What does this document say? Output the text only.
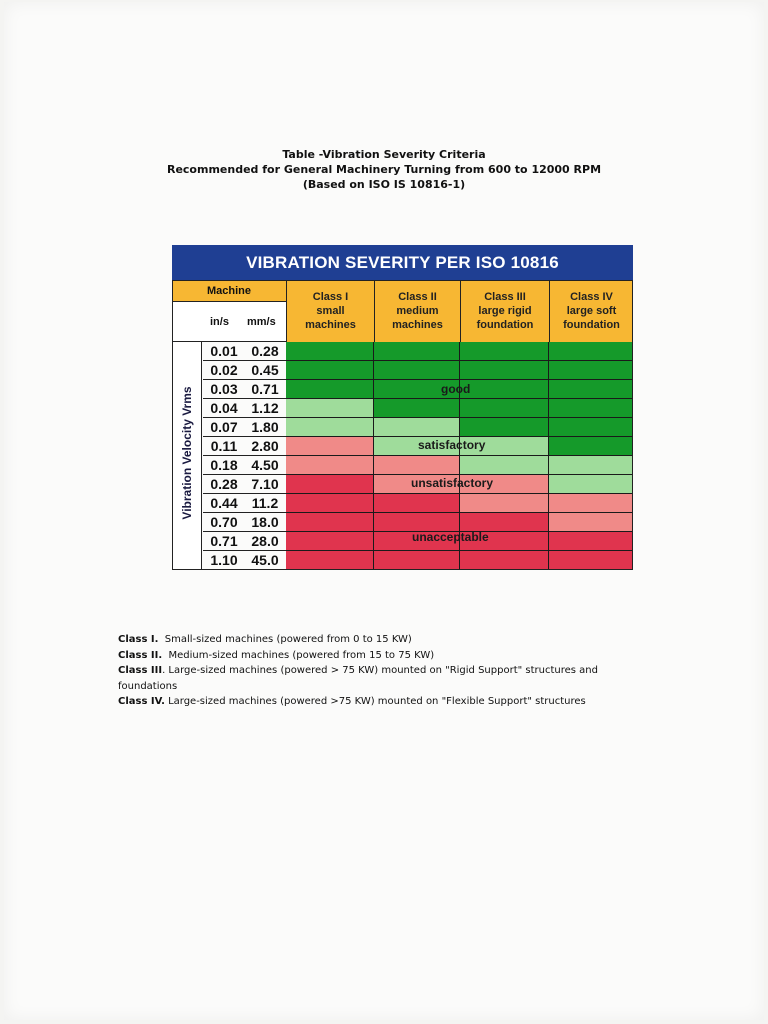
Table -Vibration Severity Criteria
Recommended for General Machinery Turning from 600 to 12000 RPM
(Based on ISO IS 10816-1)
VIBRATION SEVERITY PER ISO 10816
Machine
in/s mm/s
Class I
small
machines
Class II
medium
machines
Class III
large rigid
foundation
Class IV
large soft
foundation
Vibration Velocity Vrms
0.01
0.02
0.03
0.04
0.07
0.11
0.18
0.28
0.44
0.70
0.71
1.10
0.28
0.45
0.71
1.12
1.80
2.80
4.50
7.10
11.2
18.0
28.0
45.0
good
satisfactory
unsatisfactory
unacceptable
Class I. Small-sized machines (powered from 0 to 15 KW)
Class II. Medium-sized machines (powered from 15 to 75 KW)
Class III. Large-sized machines (powered > 75 KW) mounted on "Rigid Support" structures and foundations
Class IV. Large-sized machines (powered >75 KW) mounted on "Flexible Support" structures
